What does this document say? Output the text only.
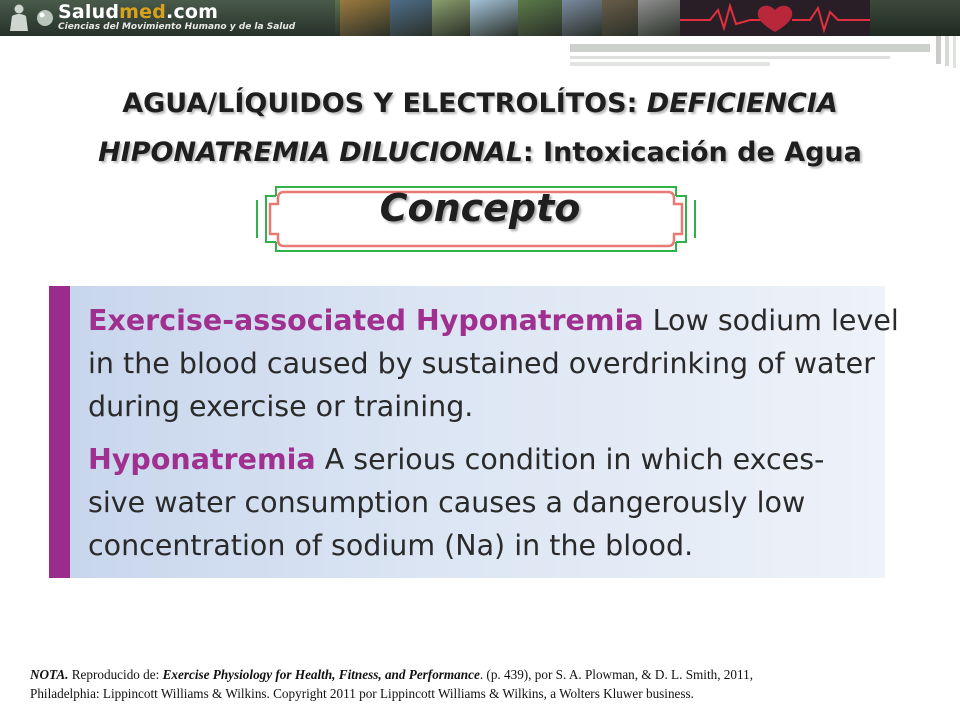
Saludmed.com
Ciencias del Movimiento Humano y de la Salud
AGUA/LÍQUIDOS Y ELECTROLÍTOS: DEFICIENCIA
HIPONATREMIA DILUCIONAL: Intoxicación de Agua
Concepto
Exercise-associated Hyponatremia Low sodium level
in the blood caused by sustained overdrinking of water
during exercise or training.
Hyponatremia A serious condition in which exces-
sive water consumption causes a dangerously low
concentration of sodium (Na) in the blood.
NOTA. Reproducido de: Exercise Physiology for Health, Fitness, and Performance. (p. 439), por S. A. Plowman, & D. L. Smith, 2011,
Philadelphia: Lippincott Williams & Wilkins. Copyright 2011 por Lippincott Williams & Wilkins, a Wolters Kluwer business.
